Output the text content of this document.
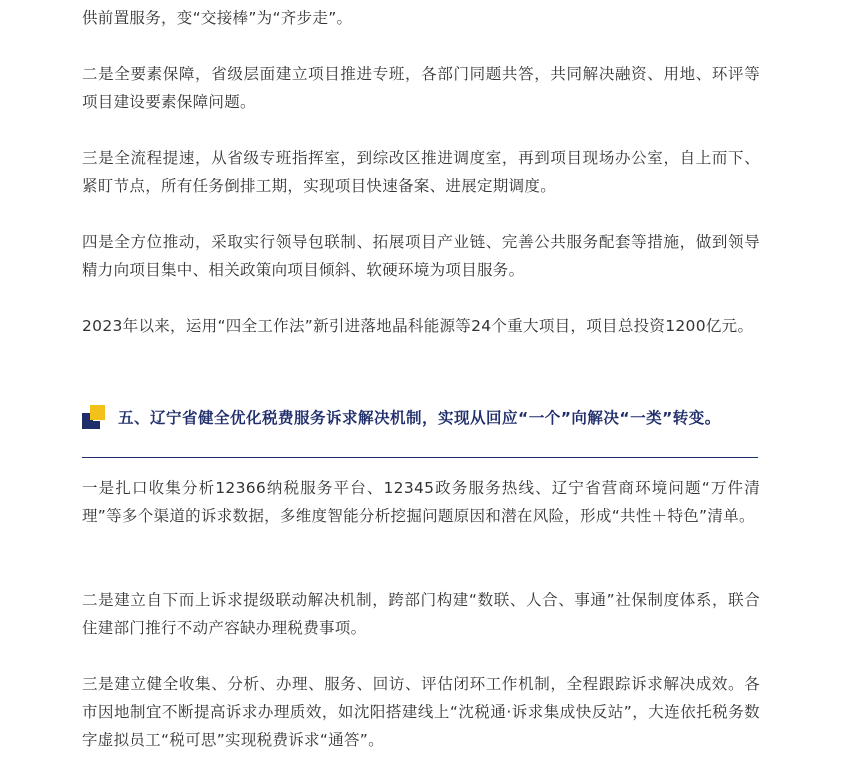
供前置服务，变“交接棒”为“齐步走”。

二是全要素保障，省级层面建立项目推进专班，各部门同题共答，共同解决融资、用地、环评等项目建设要素保障问题。

三是全流程提速，从省级专班指挥室，到综改区推进调度室，再到项目现场办公室，自上而下、紧盯节点，所有任务倒排工期，实现项目快速备案、进展定期调度。

四是全方位推动，采取实行领导包联制、拓展项目产业链、完善公共服务配套等措施，做到领导精力向项目集中、相关政策向项目倾斜、软硬环境为项目服务。

2023年以来，运用“四全工作法”新引进落地晶科能源等24个重大项目，项目总投资1200亿元。

五、辽宁省健全优化税费服务诉求解决机制，实现从回应“一个”向解决“一类”转变。

一是扎口收集分析12366纳税服务平台、12345政务服务热线、辽宁省营商环境问题“万件清理”等多个渠道的诉求数据，多维度智能分析挖掘问题原因和潜在风险，形成“共性＋特色”清单。

二是建立自下而上诉求提级联动解决机制，跨部门构建“数联、人合、事通”社保制度体系，联合住建部门推行不动产容缺办理税费事项。

三是建立健全收集、分析、办理、服务、回访、评估闭环工作机制，全程跟踪诉求解决成效。各市因地制宜不断提高诉求办理质效，如沈阳搭建线上“沈税通·诉求集成快反站”，大连依托税务数字虚拟员工“税可思”实现税费诉求“通答”。
